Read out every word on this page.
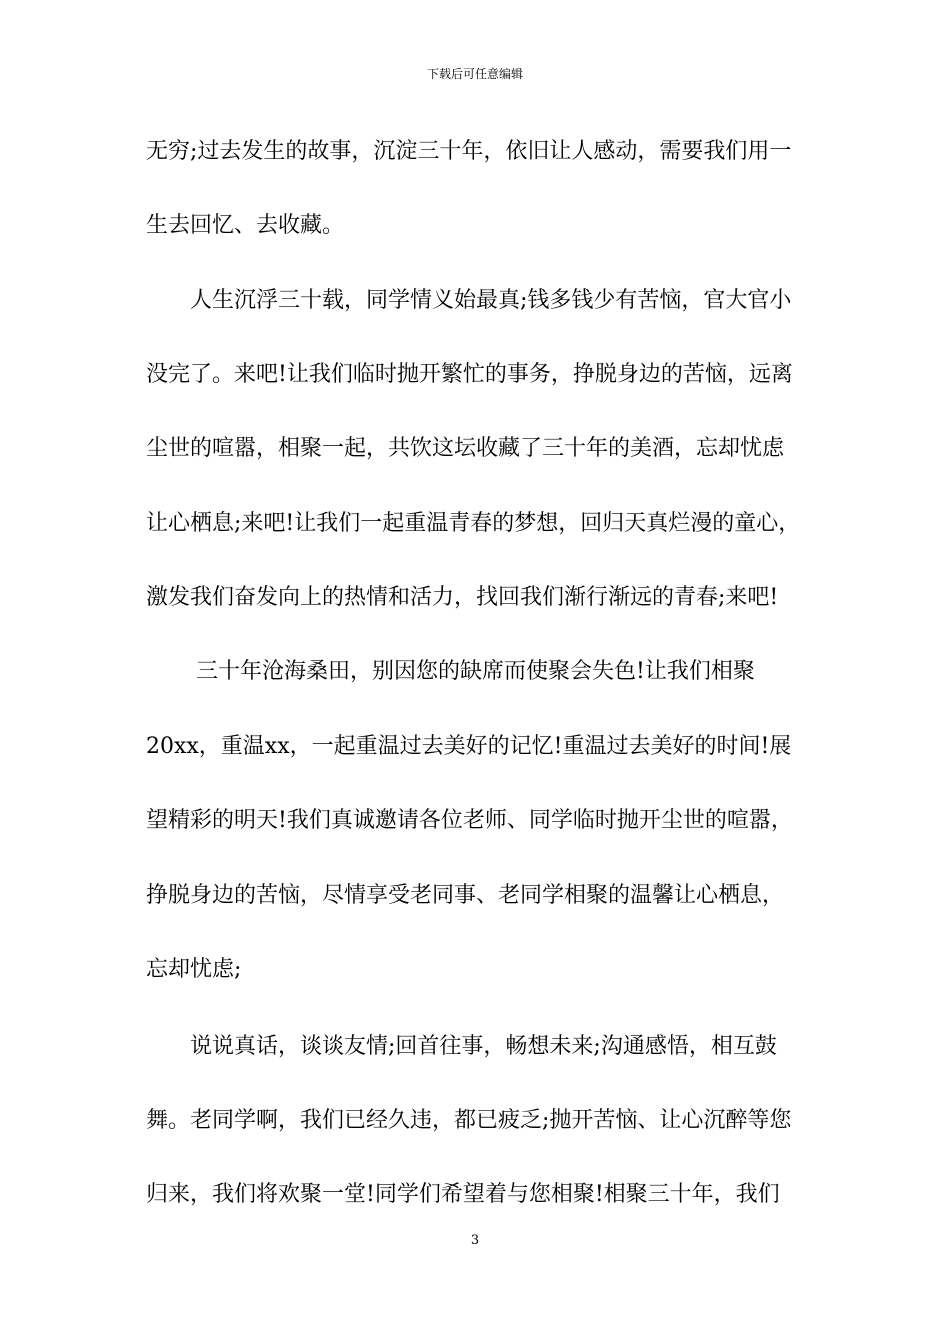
下载后可任意编辑
无穷;过去发生的故事，沉淀三十年，依旧让人感动，需要我们用一
生去回忆、去收藏。
人生沉浮三十载，同学情义始最真;钱多钱少有苦恼，官大官小
没完了。来吧!让我们临时抛开繁忙的事务，挣脱身边的苦恼，远离
尘世的喧嚣，相聚一起，共饮这坛收藏了三十年的美酒，忘却忧虑
让心栖息;来吧!让我们一起重温青春的梦想，回归天真烂漫的童心，
激发我们奋发向上的热情和活力，找回我们渐行渐远的青春;来吧!
三十年沧海桑田，别因您的缺席而使聚会失色!让我们相聚
20xx，重温xx，一起重温过去美好的记忆!重温过去美好的时间!展
望精彩的明天!我们真诚邀请各位老师、同学临时抛开尘世的喧嚣，
挣脱身边的苦恼，尽情享受老同事、老同学相聚的温馨让心栖息，
忘却忧虑;
说说真话，谈谈友情;回首往事，畅想未来;沟通感悟，相互鼓
舞。老同学啊，我们已经久违，都已疲乏;抛开苦恼、让心沉醉等您
归来，我们将欢聚一堂!同学们希望着与您相聚!相聚三十年，我们
3
